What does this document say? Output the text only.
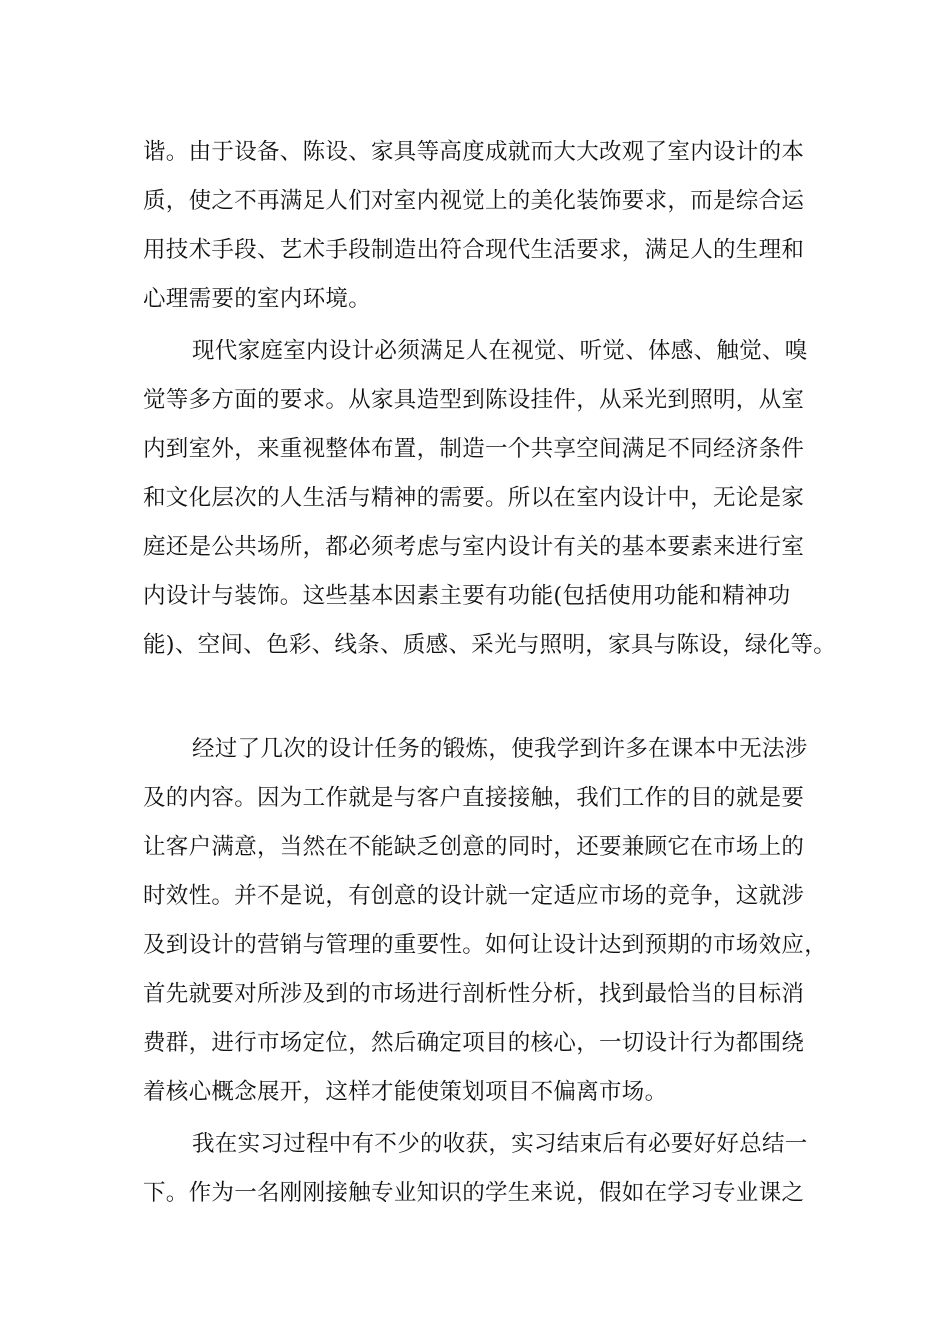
谐。由于设备、陈设、家具等高度成就而大大改观了室内设计的本
质，使之不再满足人们对室内视觉上的美化装饰要求，而是综合运
用技术手段、艺术手段制造出符合现代生活要求，满足人的生理和
心理需要的室内环境。
现代家庭室内设计必须满足人在视觉、听觉、体感、触觉、嗅
觉等多方面的要求。从家具造型到陈设挂件，从采光到照明，从室
内到室外，来重视整体布置，制造一个共享空间满足不同经济条件
和文化层次的人生活与精神的需要。所以在室内设计中，无论是家
庭还是公共场所，都必须考虑与室内设计有关的基本要素来进行室
内设计与装饰。这些基本因素主要有功能(包括使用功能和精神功
能)、空间、色彩、线条、质感、采光与照明，家具与陈设，绿化等。
经过了几次的设计任务的锻炼，使我学到许多在课本中无法涉
及的内容。因为工作就是与客户直接接触，我们工作的目的就是要
让客户满意，当然在不能缺乏创意的同时，还要兼顾它在市场上的
时效性。并不是说，有创意的设计就一定适应市场的竞争，这就涉
及到设计的营销与管理的重要性。如何让设计达到预期的市场效应，
首先就要对所涉及到的市场进行剖析性分析，找到最恰当的目标消
费群，进行市场定位，然后确定项目的核心，一切设计行为都围绕
着核心概念展开，这样才能使策划项目不偏离市场。
我在实习过程中有不少的收获，实习结束后有必要好好总结一
下。作为一名刚刚接触专业知识的学生来说，假如在学习专业课之
